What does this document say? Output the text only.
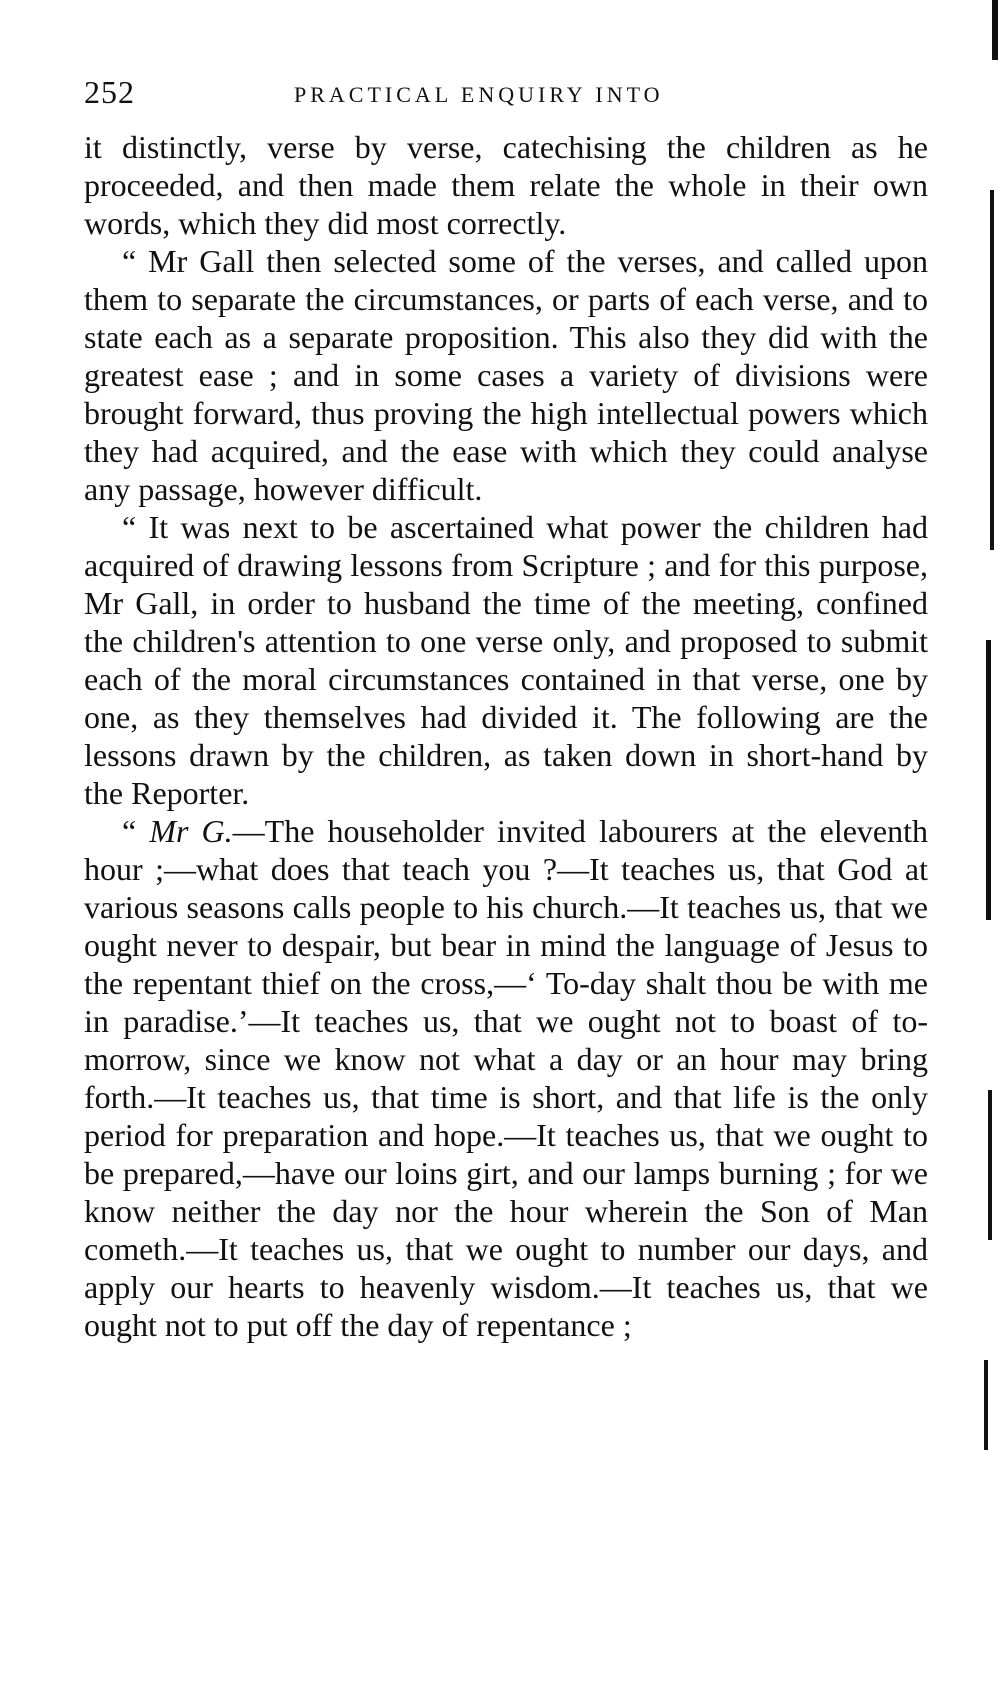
252	PRACTICAL ENQUIRY INTO

it distinctly, verse by verse, catechising the children as he proceeded, and then made them relate the whole in their own words, which they did most correctly.

“ Mr Gall then selected some of the verses, and called upon them to separate the circumstances, or parts of each verse, and to state each as a separate proposition. This also they did with the greatest ease ; and in some cases a variety of divisions were brought forward, thus proving the high intellectual powers which they had acquired, and the ease with which they could analyse any passage, however difficult.

“ It was next to be ascertained what power the children had acquired of drawing lessons from Scripture ; and for this purpose, Mr Gall, in order to husband the time of the meeting, confined the children's attention to one verse only, and proposed to submit each of the moral circumstances contained in that verse, one by one, as they themselves had divided it. The following are the lessons drawn by the children, as taken down in short-hand by the Reporter.

“ Mr G.—The householder invited labourers at the eleventh hour ;—what does that teach you ?—It teaches us, that God at various seasons calls people to his church.—It teaches us, that we ought never to despair, but bear in mind the language of Jesus to the repentant thief on the cross,—‘ To-day shalt thou be with me in paradise.’—It teaches us, that we ought not to boast of to-morrow, since we know not what a day or an hour may bring forth.—It teaches us, that time is short, and that life is the only period for preparation and hope.—It teaches us, that we ought to be prepared,—have our loins girt, and our lamps burning ; for we know neither the day nor the hour wherein the Son of Man cometh.—It teaches us, that we ought to number our days, and apply our hearts to heavenly wisdom.—It teaches us, that we ought not to put off the day of repentance ;
